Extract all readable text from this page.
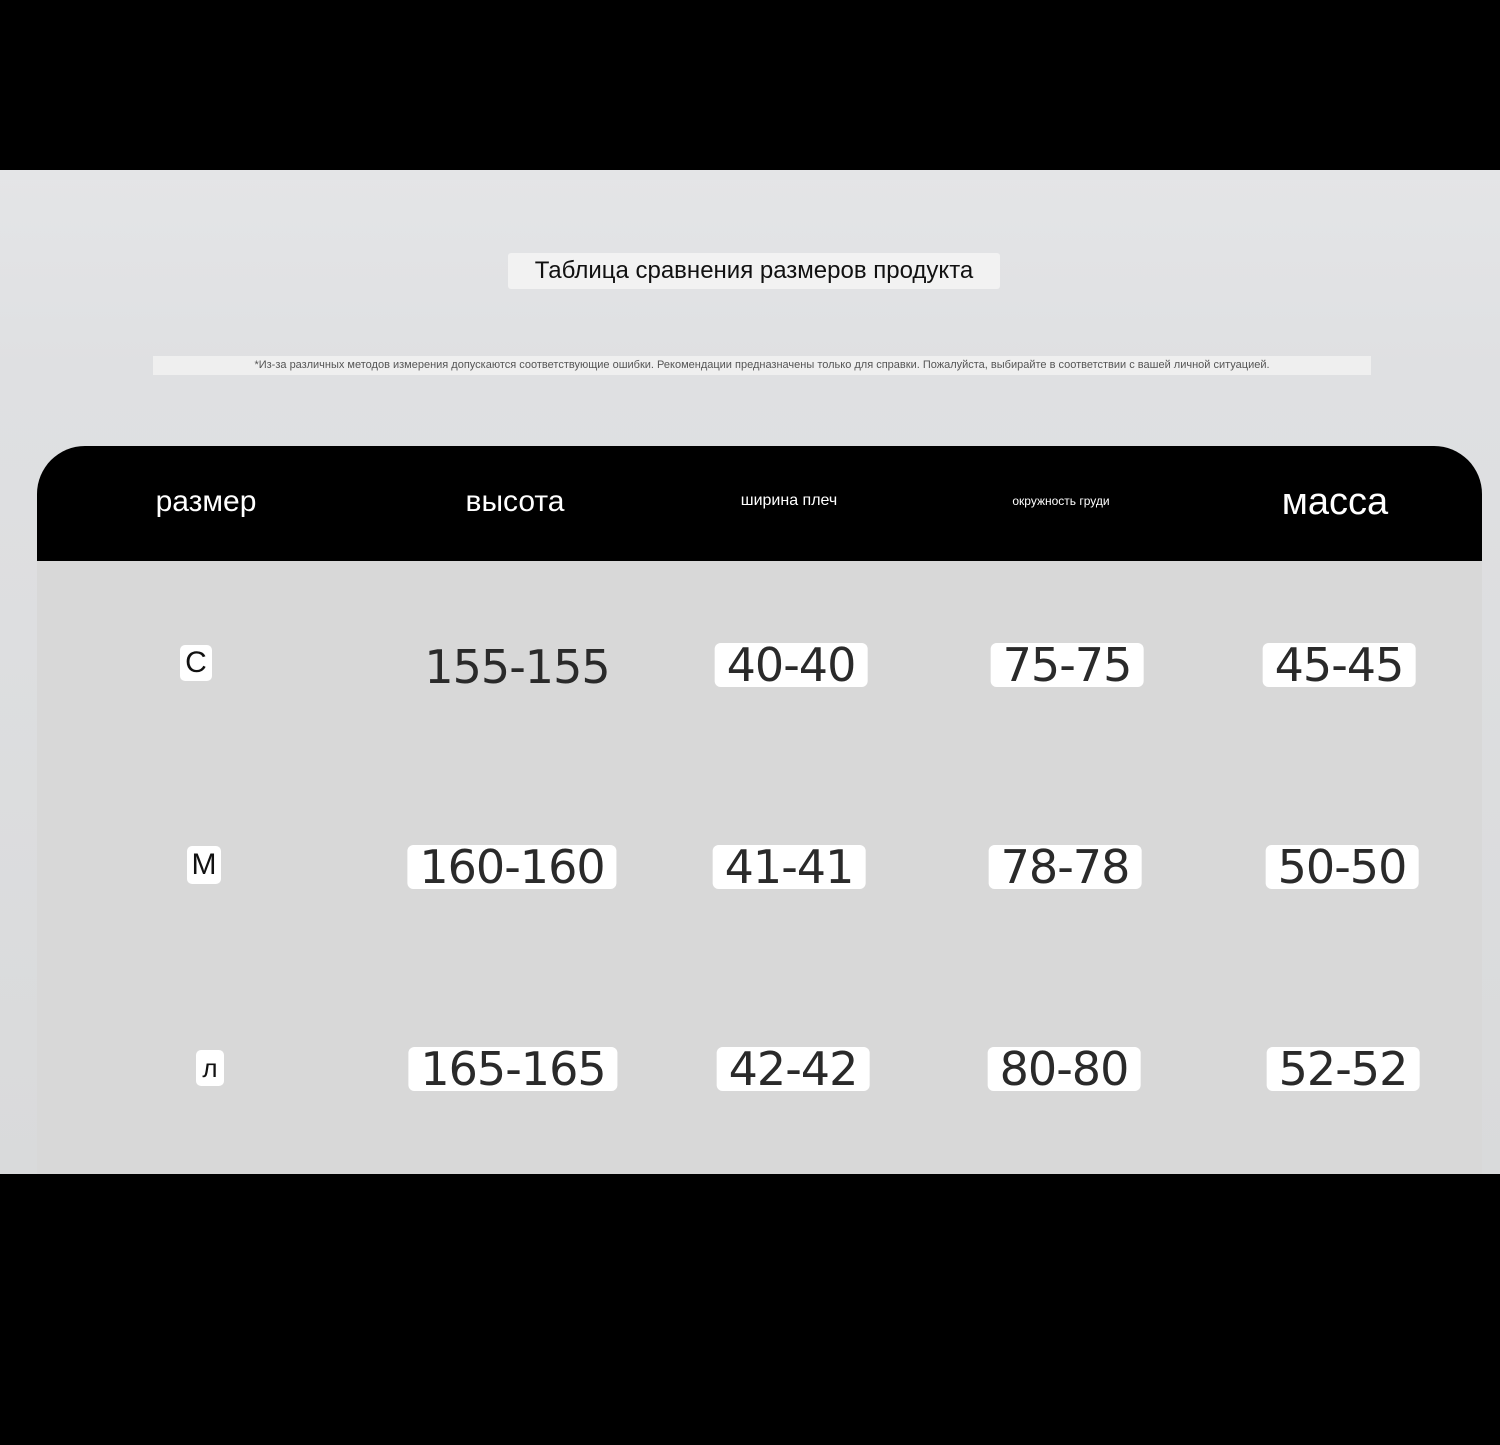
Таблица сравнения размеров продукта
*Из-за различных методов измерения допускаются соответствующие ошибки. Рекомендации предназначены только для справки. Пожалуйста, выбирайте в соответствии с вашей личной ситуацией.
размер	высота	ширина плеч	окружность груди	масса
С	155-155	40-40	75-75	45-45
М	160-160	41-41	78-78	50-50
л	165-165	42-42	80-80	52-52
